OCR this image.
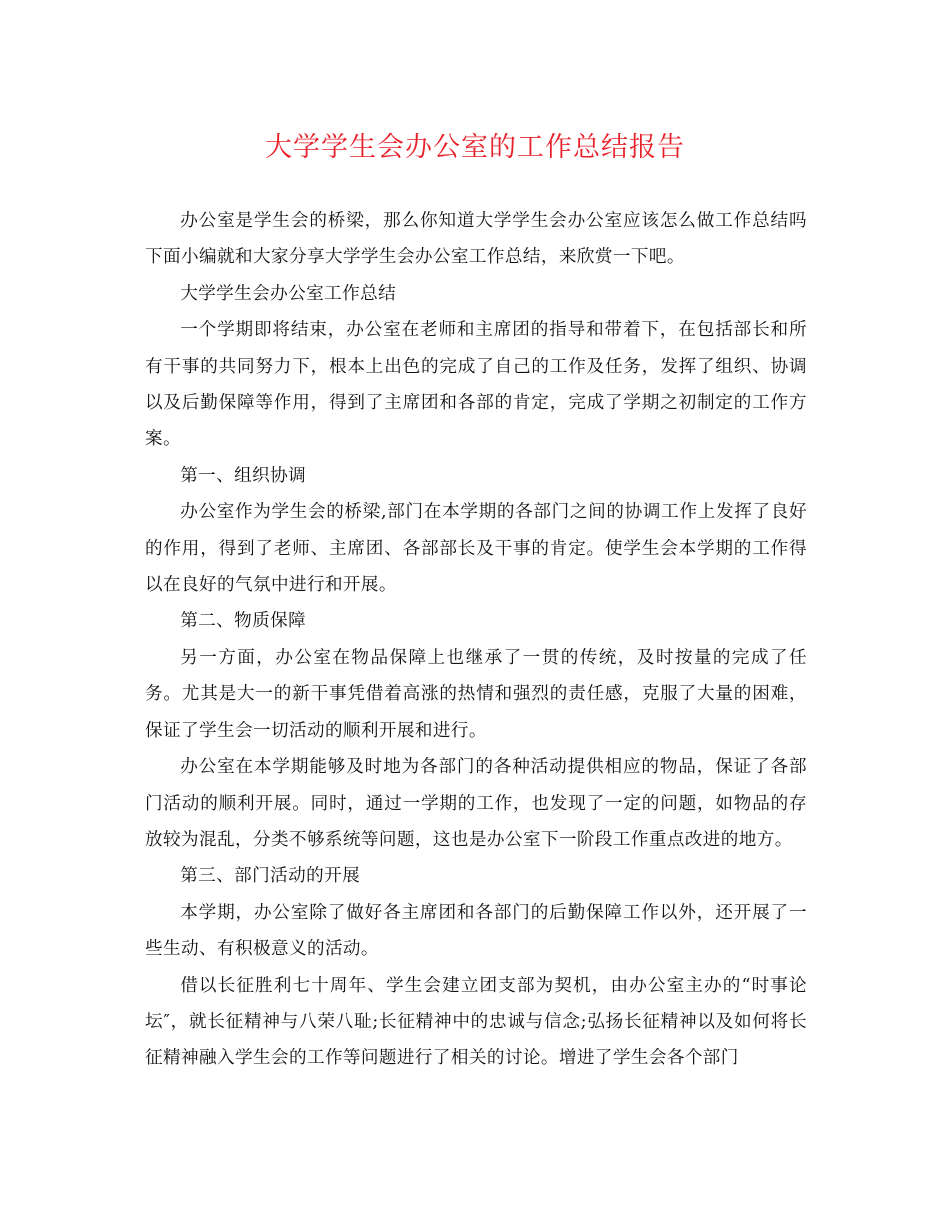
大学学生会办公室的工作总结报告

办公室是学生会的桥梁，那么你知道大学学生会办公室应该怎么做工作总结吗下面小编就和大家分享大学学生会办公室工作总结，来欣赏一下吧。

大学学生会办公室工作总结

一个学期即将结束，办公室在老师和主席团的指导和带着下，在包括部长和所有干事的共同努力下，根本上出色的完成了自己的工作及任务，发挥了组织、协调以及后勤保障等作用，得到了主席团和各部的肯定，完成了学期之初制定的工作方案。

第一、组织协调

办公室作为学生会的桥梁,部门在本学期的各部门之间的协调工作上发挥了良好的作用，得到了老师、主席团、各部部长及干事的肯定。使学生会本学期的工作得以在良好的气氛中进行和开展。

第二、物质保障

另一方面，办公室在物品保障上也继承了一贯的传统，及时按量的完成了任务。尤其是大一的新干事凭借着高涨的热情和强烈的责任感，克服了大量的困难，保证了学生会一切活动的顺利开展和进行。

办公室在本学期能够及时地为各部门的各种活动提供相应的物品，保证了各部门活动的顺利开展。同时，通过一学期的工作，也发现了一定的问题，如物品的存放较为混乱，分类不够系统等问题，这也是办公室下一阶段工作重点改进的地方。

第三、部门活动的开展

本学期，办公室除了做好各主席团和各部门的后勤保障工作以外，还开展了一些生动、有积极意义的活动。

借以长征胜利七十周年、学生会建立团支部为契机，由办公室主办的“时事论坛″，就长征精神与八荣八耻;长征精神中的忠诚与信念;弘扬长征精神以及如何将长征精神融入学生会的工作等问题进行了相关的讨论。增进了学生会各个部门
